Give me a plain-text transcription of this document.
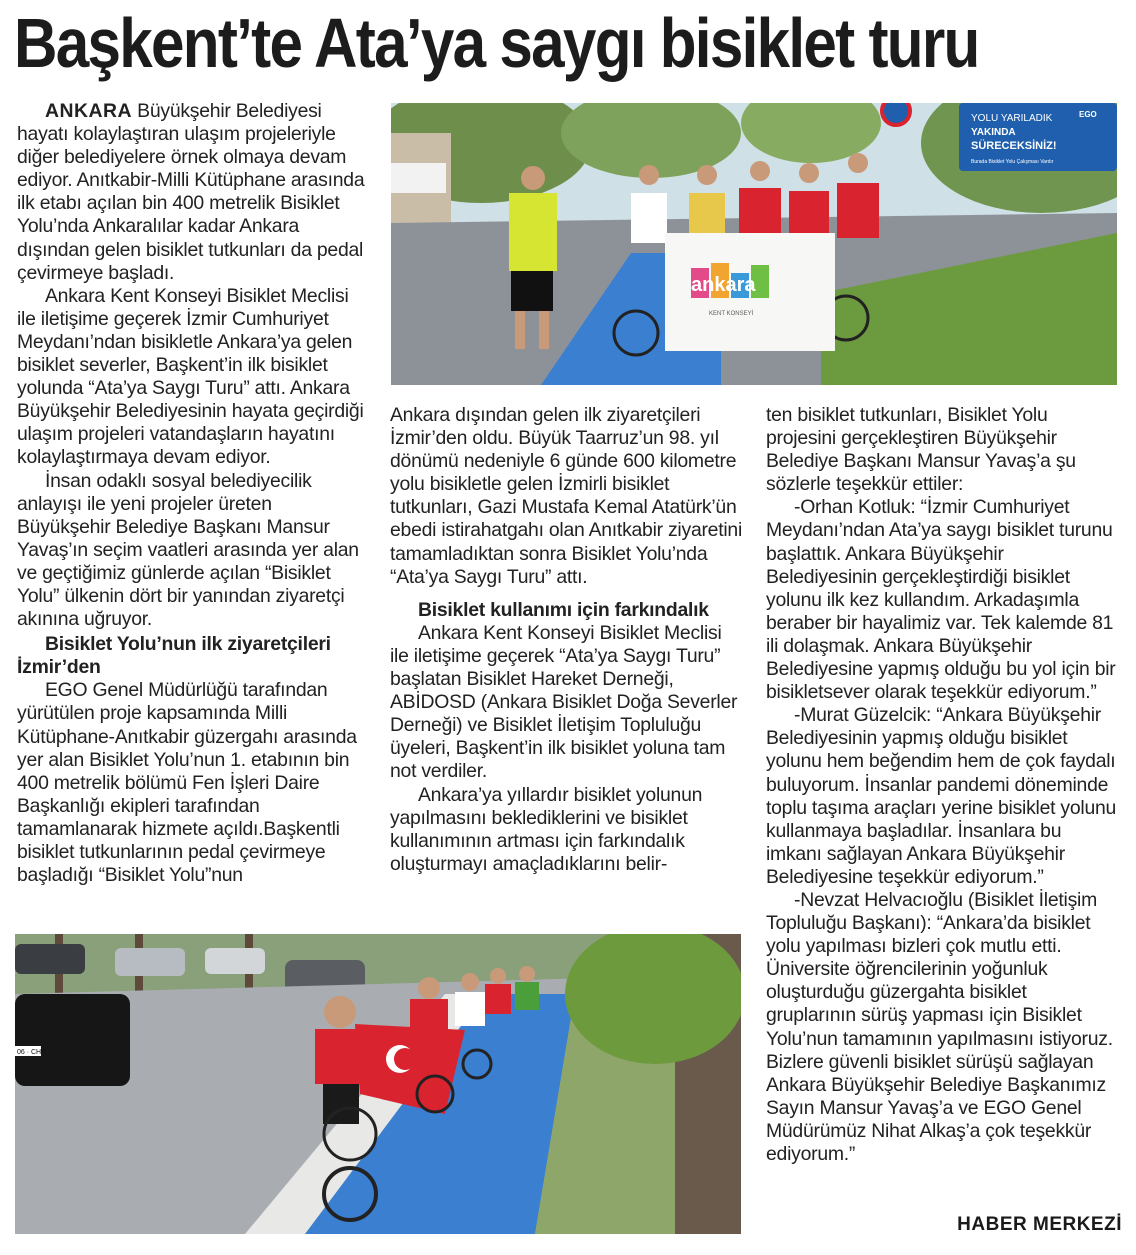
Başkent’te Ata’ya saygı bisiklet turu
YOLU YARILADIK
YAKINDA
SÜRECEKSİNİZ!
Burada Bisiklet Yolu Çalışması Vardır
EGO
ankara
KENT KONSEYİ
06 · CHP

ANKARA Büyükşehir Belediyesi hayatı kolaylaştıran ulaşım projeleriyle diğer belediyelere örnek olmaya devam ediyor. Anıtkabir-Milli Kütüphane arasında ilk etabı açılan bin 400 metrelik Bisiklet Yolu’nda Ankaralılar kadar Ankara dışından gelen bisiklet tutkunları da pedal çevirmeye başladı.

Ankara Kent Konseyi Bisiklet Meclisi ile iletişime geçerek İzmir Cumhuriyet Meydanı’ndan bisikletle Ankara’ya gelen bisiklet severler, Başkent’in ilk bisiklet yolunda “Ata’ya Saygı Turu” attı. Ankara Büyükşehir Belediyesinin hayata geçirdiği ulaşım projeleri vatandaşların hayatını kolaylaştırmaya devam ediyor.

İnsan odaklı sosyal belediyecilik anlayışı ile yeni projeler üreten Büyükşehir Belediye Başkanı Mansur Yavaş’ın seçim vaatleri arasında yer alan ve geçtiğimiz günlerde açılan “Bisiklet Yolu” ülkenin dört bir yanından ziyaretçi akınına uğruyor.

Bisiklet Yolu’nun ilk ziyaretçileri İzmir’den

EGO Genel Müdürlüğü tarafından yürütülen proje kapsamında Milli Kütüphane-Anıtkabir güzergahı arasında yer alan Bisiklet Yolu’nun 1. etabının bin 400 metrelik bölümü Fen İşleri Daire Başkanlığı ekipleri tarafından tamamlanarak hizmete açıldı.Başkentli bisiklet tutkunlarının pedal çevirmeye başladığı “Bisiklet Yolu”nun

Ankara dışından gelen ilk ziyaretçileri İzmir’den oldu. Büyük Taarruz’un 98. yıl dönümü nedeniyle 6 günde 600 kilometre yolu bisikletle gelen İzmirli bisiklet tutkunları, Gazi Mustafa Kemal Atatürk’ün ebedi istirahatgahı olan Anıtkabir ziyaretini tamamladıktan sonra Bisiklet Yolu’nda “Ata’ya Saygı Turu” attı.

Bisiklet kullanımı için farkındalık

Ankara Kent Konseyi Bisiklet Meclisi ile iletişime geçerek “Ata’ya Saygı Turu” başlatan Bisiklet Hareket Derneği, ABİDOSD (Ankara Bisiklet Doğa Severler Derneği) ve Bisiklet İletişim Topluluğu üyeleri, Başkent’in ilk bisiklet yoluna tam not verdiler.

Ankara’ya yıllardır bisiklet yolunun yapılmasını beklediklerini ve bisiklet kullanımının artması için farkındalık oluşturmayı amaçladıklarını belir-

ten bisiklet tutkunları, Bisiklet Yolu projesini gerçekleştiren Büyükşehir Belediye Başkanı Mansur Yavaş’a şu sözlerle teşekkür ettiler:

-Orhan Kotluk: “İzmir Cumhuriyet Meydanı’ndan Ata’ya saygı bisiklet turunu başlattık. Ankara Büyükşehir Belediyesinin gerçekleştirdiği bisiklet yolunu ilk kez kullandım. Arkadaşımla beraber bir hayalimiz var. Tek kalemde 81 ili dolaşmak. Ankara Büyükşehir Belediyesine yapmış olduğu bu yol için bir bisikletsever olarak teşekkür ediyorum.”

-Murat Güzelcik: “Ankara Büyükşehir Belediyesinin yapmış olduğu bisiklet yolunu hem beğendim hem de çok faydalı buluyorum. İnsanlar pandemi döneminde toplu taşıma araçları yerine bisiklet yolunu kullanmaya başladılar. İnsanlara bu imkanı sağlayan Ankara Büyükşehir Belediyesine teşekkür ediyorum.”

-Nevzat Helvacıoğlu (Bisiklet İletişim Topluluğu Başkanı): “Ankara’da bisiklet yolu yapılması bizleri çok mutlu etti. Üniversite öğrencilerinin yoğunluk oluşturduğu güzergahta bisiklet gruplarının sürüş yapması için Bisiklet Yolu’nun tamamının yapılmasını istiyoruz. Bizlere güvenli bisiklet sürüşü sağlayan Ankara Büyükşehir Belediye Başkanımız Sayın Mansur Yavaş’a ve EGO Genel Müdürümüz Nihat Alkaş’a çok teşekkür ediyorum.”

HABER MERKEZİ
